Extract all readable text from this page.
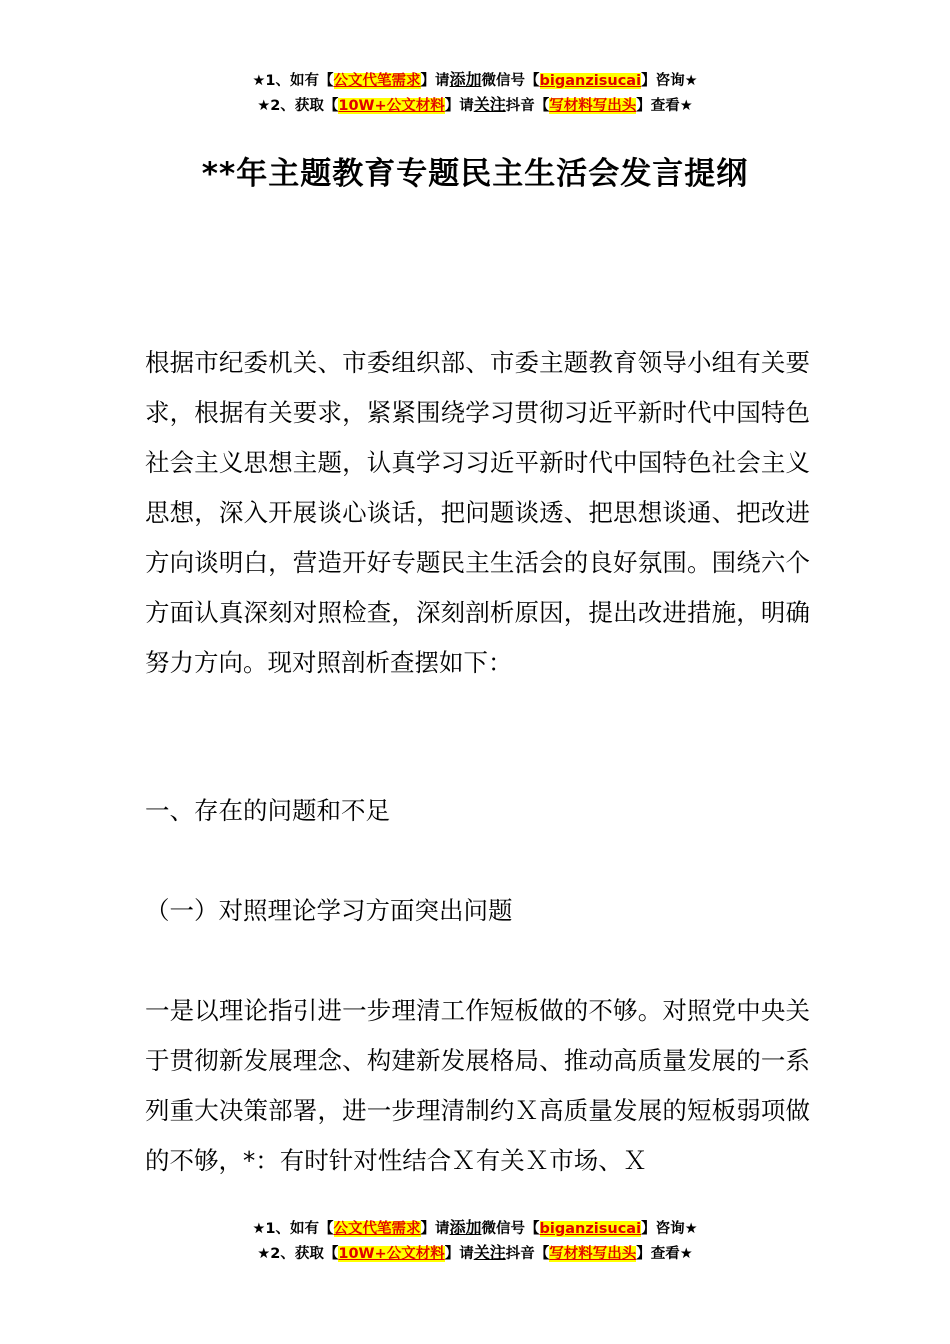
★1、如有【公文代笔需求】请添加微信号【biganzisucai】咨询★
★2、获取【10W+公文材料】请关注抖音【写材料写出头】查看★
**年主题教育专题民主生活会发言提纲

根据市纪委机关、市委组织部、市委主题教育领导小组有关要求，根据有关要求，紧紧围绕学习贯彻习近平新时代中国特色社会主义思想主题，认真学习习近平新时代中国特色社会主义思想，深入开展谈心谈话，把问题谈透、把思想谈通、把改进方向谈明白，营造开好专题民主生活会的良好氛围。围绕六个方面认真深刻对照检查，深刻剖析原因，提出改进措施，明确努力方向。现对照剖析查摆如下：

一、存在的问题和不足

（一）对照理论学习方面突出问题

一是以理论指引进一步理清工作短板做的不够。对照党中央关于贯彻新发展理念、构建新发展格局、推动高质量发展的一系列重大决策部署，进一步理清制约Ｘ高质量发展的短板弱项做的不够，*：有时针对性结合Ｘ有关Ｘ市场、Ｘ

★1、如有【公文代笔需求】请添加微信号【biganzisucai】咨询★
★2、获取【10W+公文材料】请关注抖音【写材料写出头】查看★
